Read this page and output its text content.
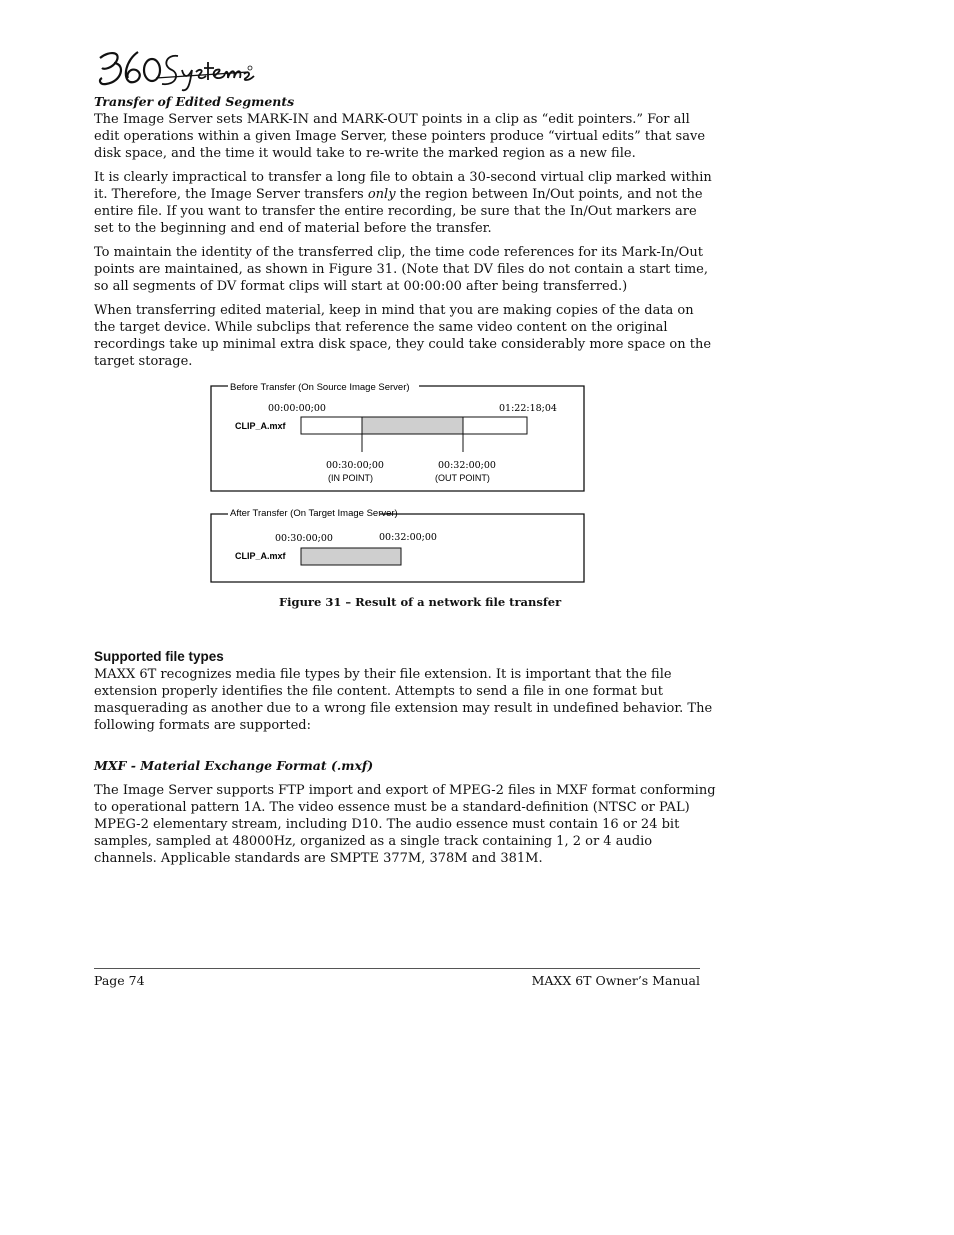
360 Systems
Transfer of Edited Segments

The Image Server sets MARK-IN and MARK-OUT points in a clip as “edit pointers.” For all edit operations within a given Image Server, these pointers produce “virtual edits” that save disk space, and the time it would take to re-write the marked region as a new file.

It is clearly impractical to transfer a long file to obtain a 30-second virtual clip marked within it. Therefore, the Image Server transfers only the region between In/Out points, and not the entire file. If you want to transfer the entire recording, be sure that the In/Out markers are set to the beginning and end of material before the transfer.

To maintain the identity of the transferred clip, the time code references for its Mark-In/Out points are maintained, as shown in Figure 31. (Note that DV files do not contain a start time, so all segments of DV format clips will start at 00:00:00 after being transferred.)

When transferring edited material, keep in mind that you are making copies of the data on the target device. While subclips that reference the same video content on the original recordings take up minimal extra disk space, they could take considerably more space on the target storage.

Before Transfer (On Source Image Server)
00:00:00;00	01:22:18;04
CLIP_A.mxf
00:30:00;00
(IN POINT)
00:32:00;00
(OUT POINT)
After Transfer (On Target Image Server)
00:30:00;00	00:32:00;00
CLIP_A.mxf
Figure 31 – Result of a network file transfer
Supported file types

MAXX 6T recognizes media file types by their file extension. It is important that the file extension properly identifies the file content. Attempts to send a file in one format but masquerading as another due to a wrong file extension may result in undefined behavior. The following formats are supported:

MXF - Material Exchange Format (.mxf)

The Image Server supports FTP import and export of MPEG-2 files in MXF format conforming to operational pattern 1A. The video essence must be a standard-definition (NTSC or PAL) MPEG-2 elementary stream, including D10. The audio essence must contain 16 or 24 bit samples, sampled at 48000Hz, organized as a single track containing 1, 2 or 4 audio channels. Applicable standards are SMPTE 377M, 378M and 381M.

Page 74	MAXX 6T Owner’s Manual
